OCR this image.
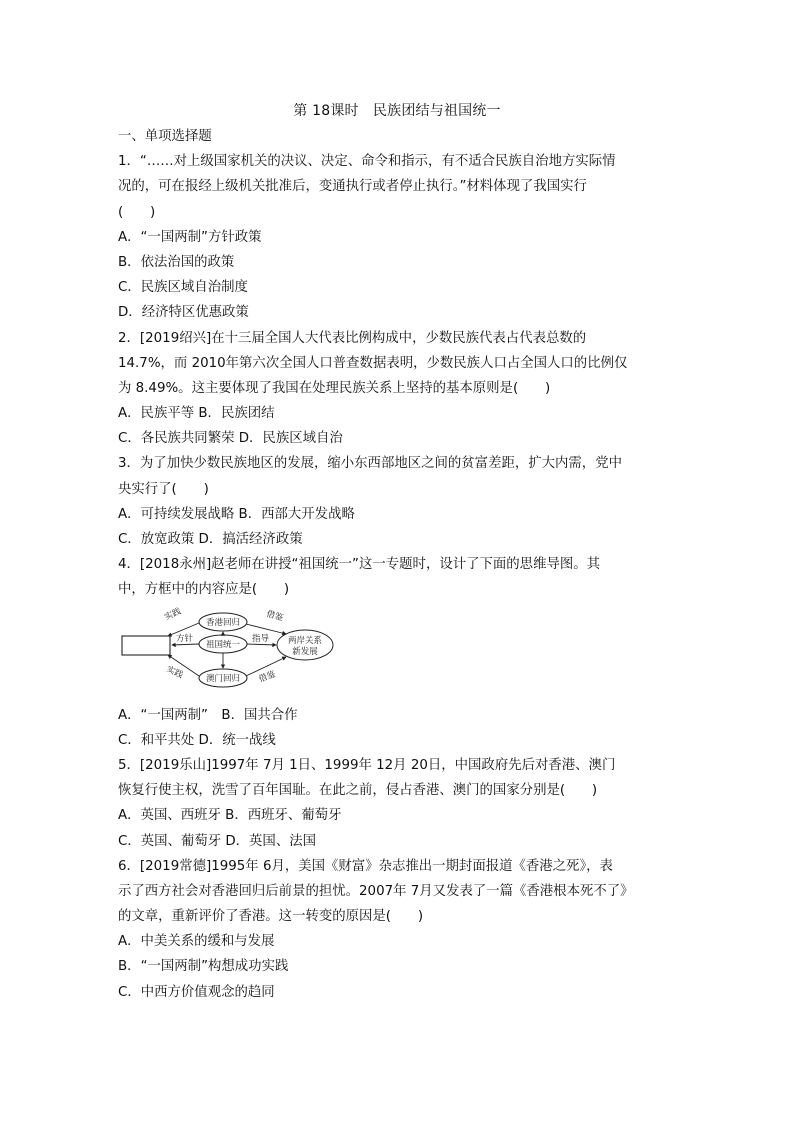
第 18课时　民族团结与祖国统一
一、单项选择题
1．“……对上级国家机关的决议、决定、命令和指示，有不适合民族自治地方实际情
况的，可在报经上级机关批准后，变通执行或者停止执行。”材料体现了我国实行
(　　)
A．“一国两制”方针政策
B．依法治国的政策
C．民族区域自治制度
D．经济特区优惠政策
2．[2019绍兴]在十三届全国人大代表比例构成中，少数民族代表占代表总数的
14.7%，而 2010年第六次全国人口普查数据表明，少数民族人口占全国人口的比例仅
为 8.49%。这主要体现了我国在处理民族关系上坚持的基本原则是(　　)
A．民族平等 B．民族团结
C．各民族共同繁荣 D．民族区域自治
3．为了加快少数民族地区的发展，缩小东西部地区之间的贫富差距，扩大内需，党中
央实行了(　　)
A．可持续发展战略 B．西部大开发战略
C．放宽政策 D．搞活经济政策
4．[2018永州]赵老师在讲授“祖国统一”这一专题时，设计了下面的思维导图。其
中，方框中的内容应是(　　)
香港回归
祖国统一
澳门回归
两岸关系
新发展
实践
方针
实践
指导
借鉴
借鉴
A．“一国两制”　B．国共合作
C．和平共处 D．统一战线
5．[2019乐山]1997年 7月 1日、1999年 12月 20日，中国政府先后对香港、澳门
恢复行使主权，洗雪了百年国耻。在此之前，侵占香港、澳门的国家分别是(　　)
A．英国、西班牙 B．西班牙、葡萄牙
C．英国、葡萄牙 D．英国、法国
6．[2019常德]1995年 6月，美国《财富》杂志推出一期封面报道《香港之死》，表
示了西方社会对香港回归后前景的担忧。2007年 7月又发表了一篇《香港根本死不了》
的文章，重新评价了香港。这一转变的原因是(　　)
A．中美关系的缓和与发展
B．“一国两制”构想成功实践
C．中西方价值观念的趋同
